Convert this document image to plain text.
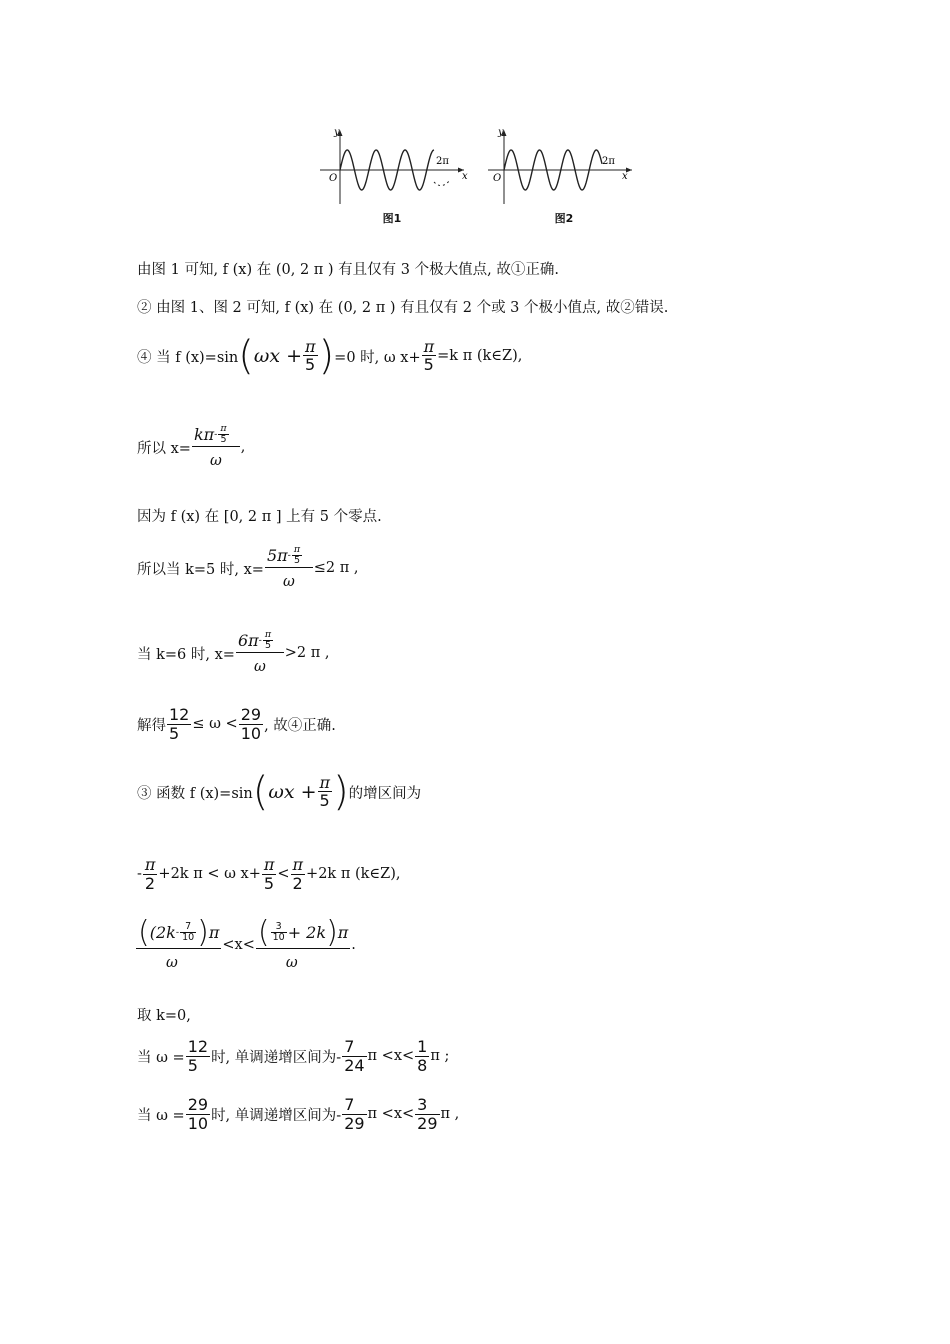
y
x
O
2π
图1
y
x
O
2π
图2
由图 1 可知, f (x) 在 (0, 2 π ) 有且仅有 3 个极大值点, 故①正确.
② 由图 1、图 2 可知, f (x) 在 (0, 2 π ) 有且仅有 2 个或 3 个极小值点, 故②错误.
④ 当 f (x)=sin ( $\omega x + \frac{\pi}{5}$ ) =0 时, ω $x+ \frac{\pi}{5} =k$ π (k∈Z),
所以 $x= \frac{k\pi - \frac{\pi}{5}}{\omega}$ ,
因为 f (x) 在 [0, 2 π ] 上有 5 个零点.
所以当 k=5 时, $x= \frac{5\pi - \frac{\pi}{5}}{\omega} \le 2$ π ,
当 k=6 时, $x= \frac{6\pi - \frac{\pi}{5}}{\omega} >2$ π ,
解得 $\frac{12}{5} \le \omega < \frac{29}{10}$ , 故④正确.
③ 函数 f (x)=sin ( $\omega x + \frac{\pi}{5}$ ) 的增区间为
- $\frac{\pi}{2} +2k$ π < ω $x+ \frac{\pi}{5} < \frac{\pi}{2} +2k$ π (k∈Z),
( ($2k - \frac{7}{10}$ ) π
ω
<x< ( $\frac{3}{10} + 2k$ ) π
ω
.
取 k=0,
当 $\omega = \frac{12}{5}$ 时, 单调递增区间为- $\frac{7}{24}$ $\pi <x< \frac{1}{8}$ π ;
当 $\omega = \frac{29}{10}$ 时, 单调递增区间为- $\frac{7}{29}$ $\pi <x< \frac{3}{29}$ π ,
